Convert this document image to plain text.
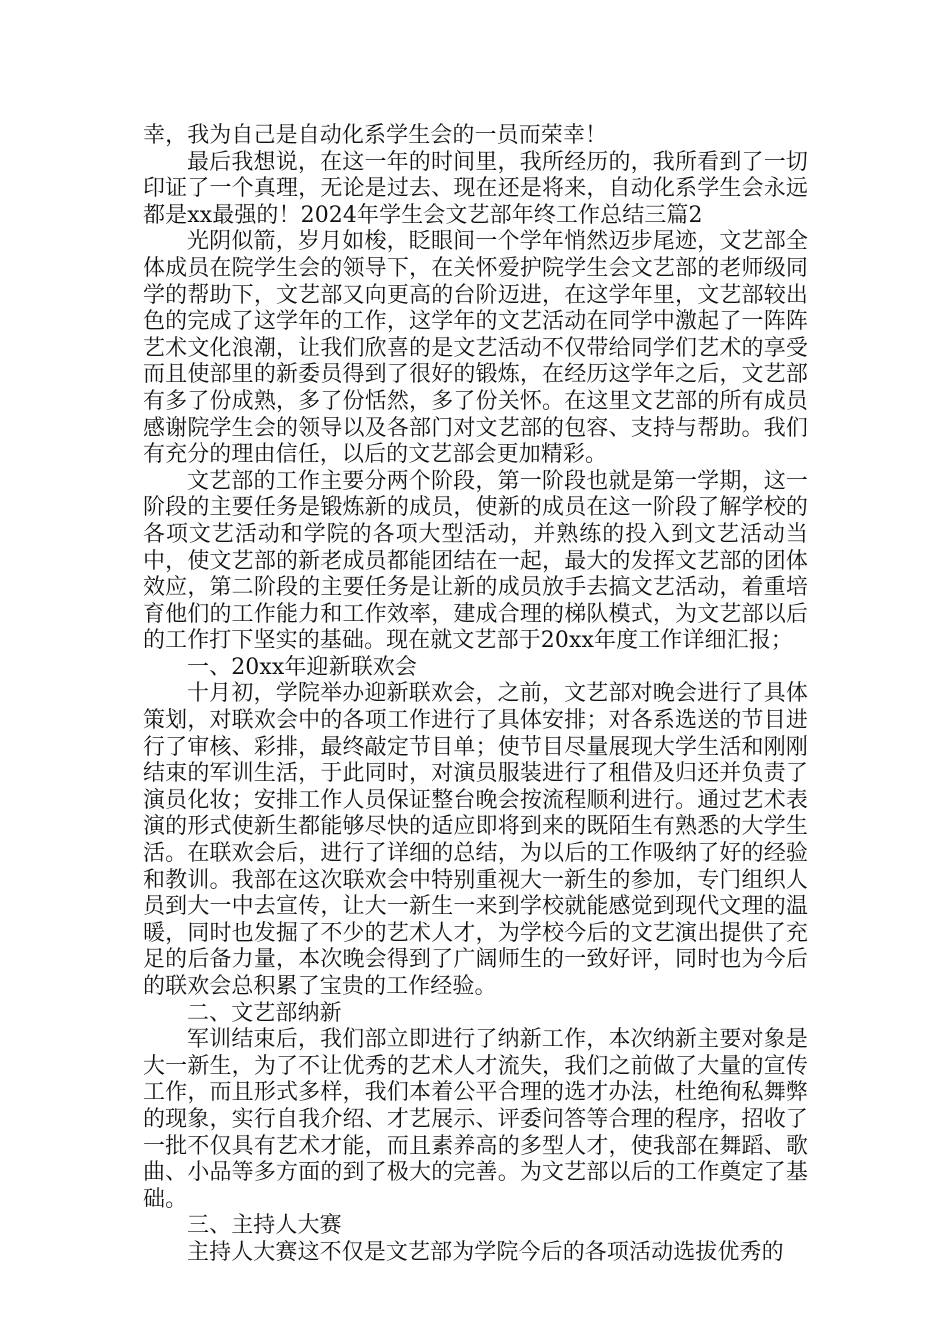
幸，我为自己是自动化系学生会的一员而荣幸！

最后我想说，在这一年的时间里，我所经历的，我所看到了一切印证了一个真理，无论是过去、现在还是将来，自动化系学生会永远都是xx最强的！2024年学生会文艺部年终工作总结三篇2

光阴似箭，岁月如梭，眨眼间一个学年悄然迈步尾迹，文艺部全体成员在院学生会的领导下，在关怀爱护院学生会文艺部的老师级同学的帮助下，文艺部又向更高的台阶迈进，在这学年里，文艺部较出色的完成了这学年的工作，这学年的文艺活动在同学中激起了一阵阵艺术文化浪潮，让我们欣喜的是文艺活动不仅带给同学们艺术的享受而且使部里的新委员得到了很好的锻炼，在经历这学年之后，文艺部有多了份成熟，多了份恬然，多了份关怀。在这里文艺部的所有成员感谢院学生会的领导以及各部门对文艺部的包容、支持与帮助。我们有充分的理由信任，以后的文艺部会更加精彩。

文艺部的工作主要分两个阶段，第一阶段也就是第一学期，这一阶段的主要任务是锻炼新的成员，使新的成员在这一阶段了解学校的各项文艺活动和学院的各项大型活动，并熟练的投入到文艺活动当中，使文艺部的新老成员都能团结在一起，最大的发挥文艺部的团体效应，第二阶段的主要任务是让新的成员放手去搞文艺活动，着重培育他们的工作能力和工作效率，建成合理的梯队模式，为文艺部以后的工作打下坚实的基础。现在就文艺部于20xx年度工作详细汇报；

一、20xx年迎新联欢会

十月初，学院举办迎新联欢会，之前，文艺部对晚会进行了具体策划，对联欢会中的各项工作进行了具体安排；对各系选送的节目进行了审核、彩排，最终敲定节目单；使节目尽量展现大学生活和刚刚结束的军训生活，于此同时，对演员服装进行了租借及归还并负责了演员化妆；安排工作人员保证整台晚会按流程顺利进行。通过艺术表演的形式使新生都能够尽快的适应即将到来的既陌生有熟悉的大学生活。在联欢会后，进行了详细的总结，为以后的工作吸纳了好的经验和教训。我部在这次联欢会中特别重视大一新生的参加，专门组织人员到大一中去宣传，让大一新生一来到学校就能感觉到现代文理的温暖，同时也发掘了不少的艺术人才，为学校今后的文艺演出提供了充足的后备力量，本次晚会得到了广阔师生的一致好评，同时也为今后的联欢会总积累了宝贵的工作经验。

二、文艺部纳新

军训结束后，我们部立即进行了纳新工作，本次纳新主要对象是大一新生，为了不让优秀的艺术人才流失，我们之前做了大量的宣传工作，而且形式多样，我们本着公平合理的选才办法，杜绝徇私舞弊的现象，实行自我介绍、才艺展示、评委问答等合理的程序，招收了一批不仅具有艺术才能，而且素养高的多型人才，使我部在舞蹈、歌曲、小品等多方面的到了极大的完善。为文艺部以后的工作奠定了基础。

三、主持人大赛

主持人大赛这不仅是文艺部为学院今后的各项活动选拔优秀的
